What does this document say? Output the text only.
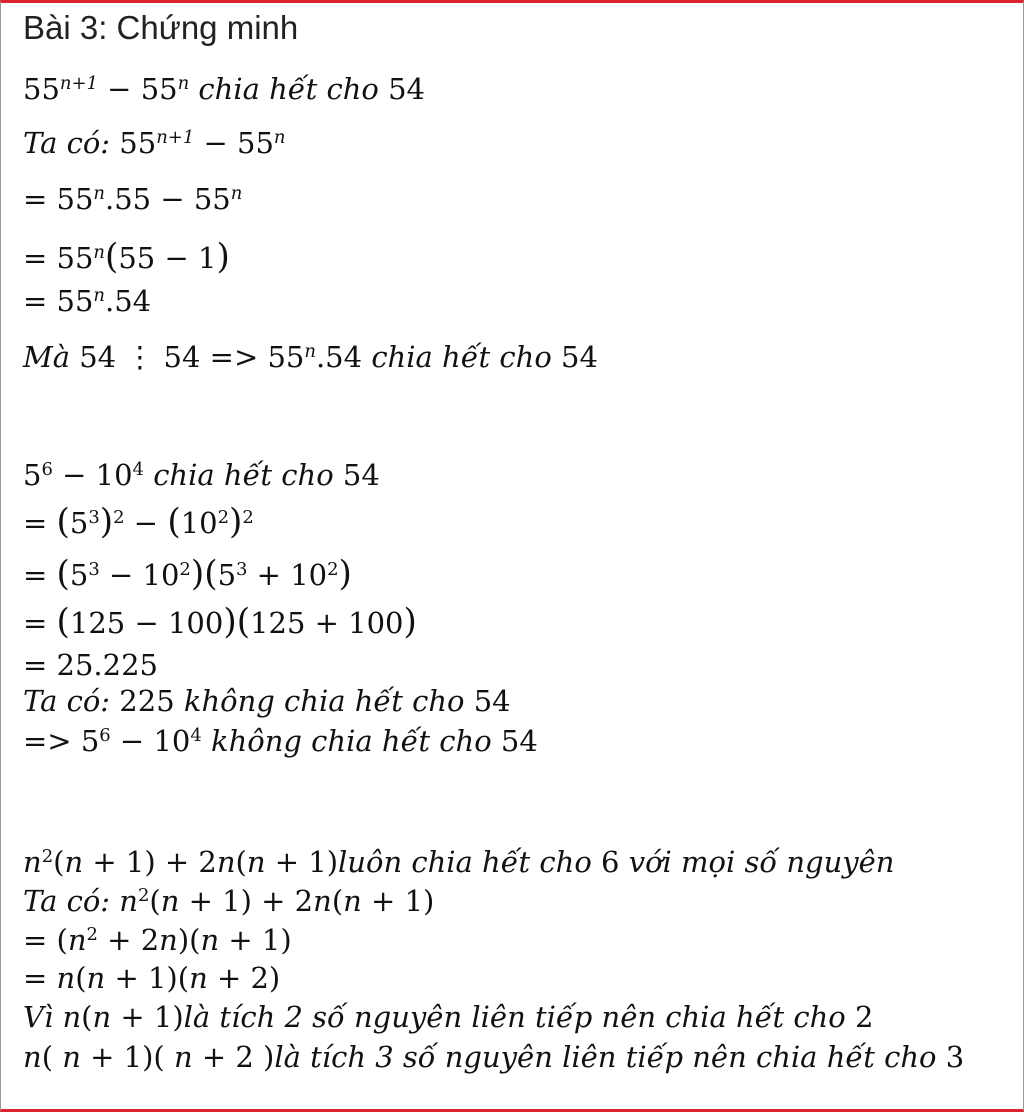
Bài 3: Chứng minh
$55^{n+1} - 55^n$ chia hết cho 54
Ta có: $55^{n+1} - 55^n$
= $55^n.55 - 55^n$
= $55^n(55 - 1)$
= $55^n.54$
Mà 54 ⋮ $54 => 55^n.54$ chia hết cho 54
$5^6 - 10^4$ chia hết cho 54
= $(5^3)^2 - (10^2)^2$
= $(5^3 - 10^2)(5^3 + 10^2)$
= (125 − 100)(125 + 100)
= 25.225
Ta có: 225 không chia hết cho 54
=> $5^6 - 10^4$ không chia hết cho 54
$n^2(n + 1) + 2n(n$ + 1)luôn chia hết cho 6 với mọi số nguyên
Ta có: $n^2(n + 1) + 2n(n + 1)$
= $(n^2 + 2n)(n + 1)$
= n(n + 1)(n + 2)
Vì n(n + 1)là tích 2 số nguyên liên tiếp nên chia hết cho 2
n( n + 1)( n + 2 )là tích 3 số nguyên liên tiếp nên chia hết cho 3
